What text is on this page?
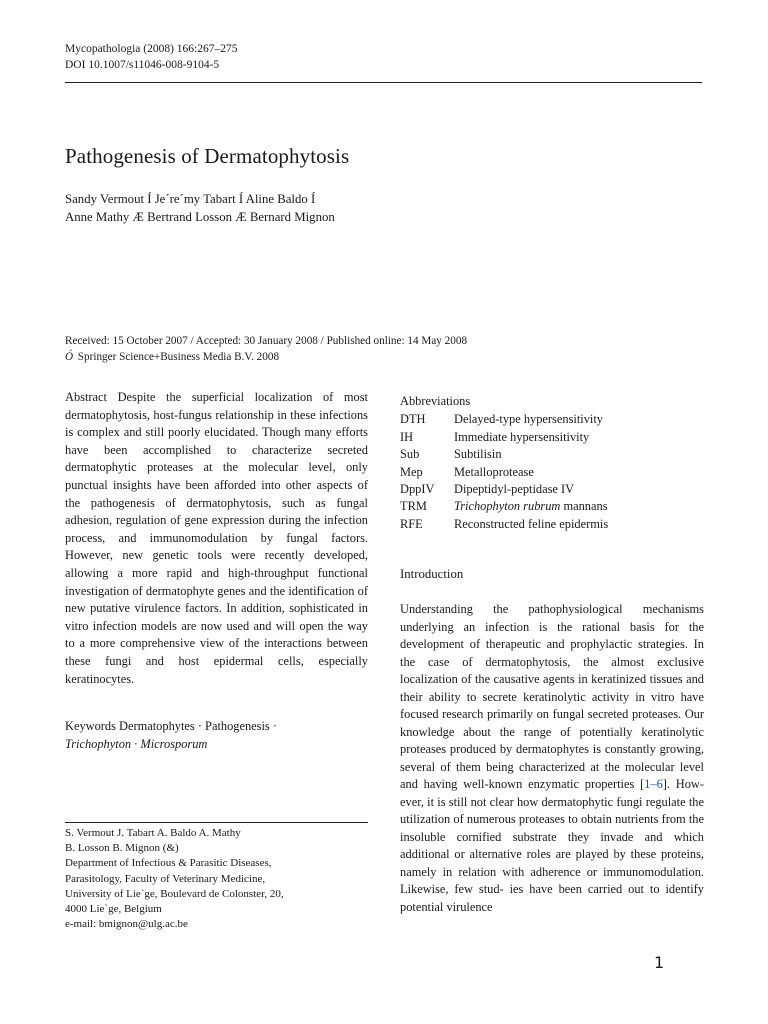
Mycopathologia (2008) 166:267–275
DOI 10.1007/s11046-008-9104-5
Pathogenesis of Dermatophytosis
Sandy Vermout Í Je´re´my Tabart Í Aline Baldo Í
Anne Mathy Æ Bertrand Losson Æ Bernard Mignon
Received: 15 October 2007 / Accepted: 30 January 2008 / Published online: 14 May 2008
Ó Springer Science+Business Media B.V. 2008
Abstract Despite the superficial localization of most dermatophytosis, host-fungus relationship in these infections is complex and still poorly elucidated. Though many efforts have been accomplished to characterize secreted dermatophytic proteases at the molecular level, only punctual insights have been afforded into other aspects of the pathogenesis of dermatophytosis, such as fungal adhesion, regulation of gene expression during the infection process, and immunomodulation by fungal factors. However, new genetic tools were recently developed, allowing a more rapid and high-throughput functional investigation of dermatophyte genes and the identification of new putative virulence factors. In addition, sophisticated in vitro infection models are now used and will open the way to a more comprehensive view of the interactions between these fungi and host epidermal cells, especially keratinocytes.
Keywords Dermatophytes · Pathogenesis ·
Trichophyton · Microsporum
S. Vermout J. Tabart A. Baldo A. Mathy
B. Losson B. Mignon (&)
Department of Infectious & Parasitic Diseases,
Parasitology, Faculty of Veterinary Medicine,
University of Lie`ge, Boulevard de Colonster, 20,
4000 Lie`ge, Belgium
e-mail: bmignon@ulg.ac.be
Abbreviations
DTH	Delayed-type hypersensitivity
IH	Immediate hypersensitivity
Sub	Subtilisin
Mep	Metalloprotease
DppIV	Dipeptidyl-peptidase IV
TRM	Trichophyton rubrum mannans
RFE	Reconstructed feline epidermis
Introduction
Understanding the pathophysiological mechanisms underlying an infection is the rational basis for the development of therapeutic and prophylactic strategies. In the case of dermatophytosis, the almost exclusive localization of the causative agents in keratinized tissues and their ability to secrete keratinolytic activity in vitro have focused research primarily on fungal secreted proteases. Our knowledge about the range of potentially keratinolytic proteases produced by dermatophytes is constantly growing, several of them being characterized at the molecular level and having well-known enzymatic properties [1–6]. How- ever, it is still not clear how dermatophytic fungi regulate the utilization of numerous proteases to obtain nutrients from the insoluble cornified substrate they invade and which additional or alternative roles are played by these proteins, namely in relation with adherence or immunomodulation. Likewise, few stud- ies have been carried out to identify potential virulence
1
